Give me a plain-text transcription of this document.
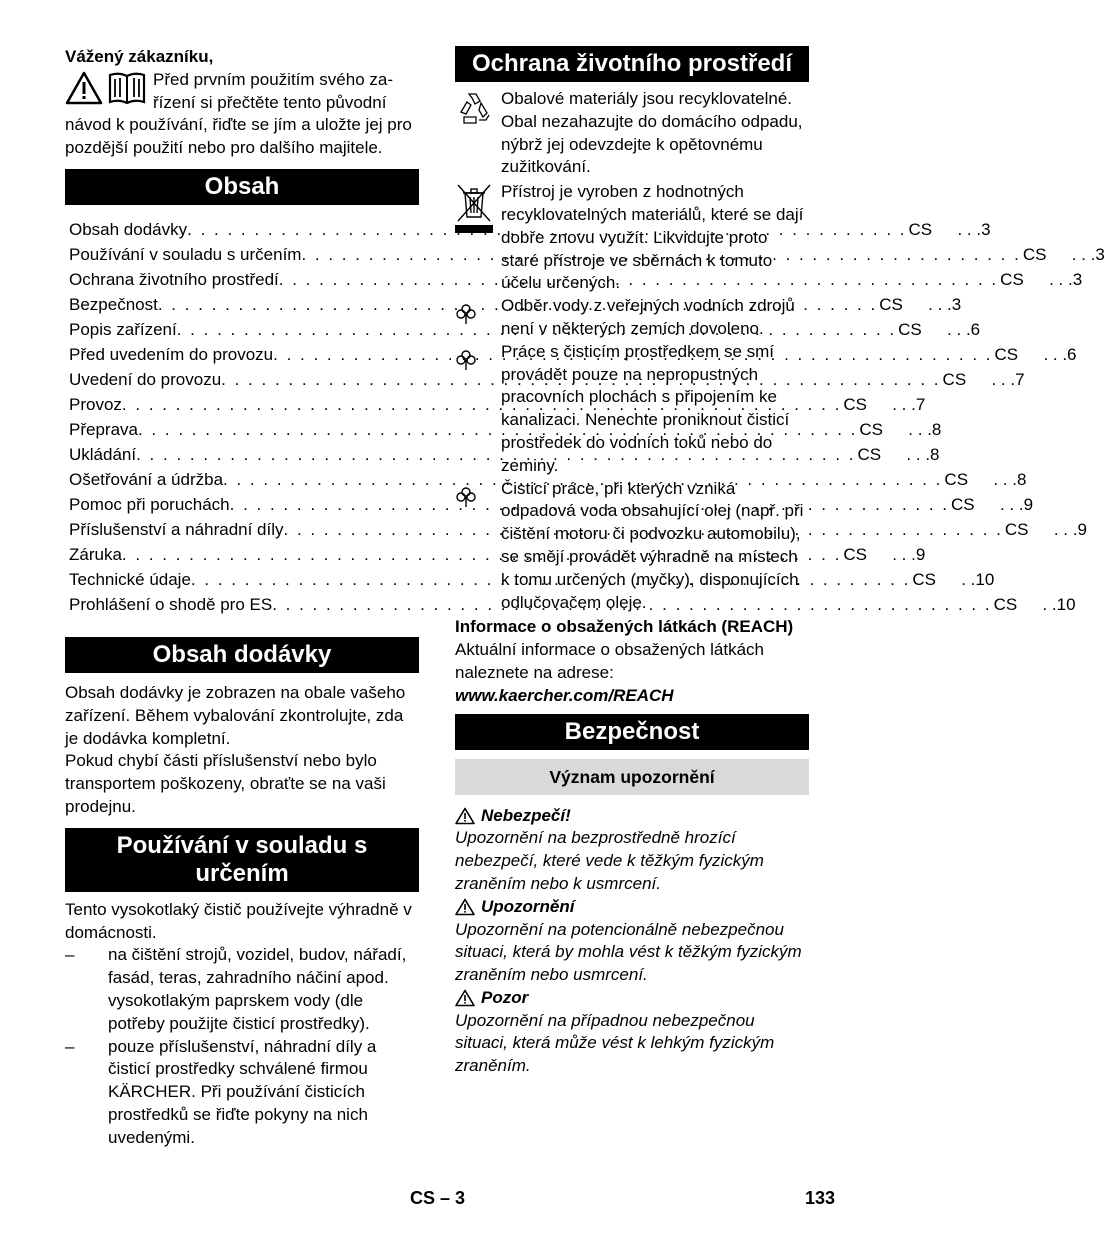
Vážený zákazníku,

Před prvním použitím svého za-

řízení si přečtěte tento původní

návod k používání, řiďte se jím a uložte jej pro pozdější použití nebo pro dalšího majitele.

Obsah
Obsah dodávky . . .	CS	. . .3
Používání v souladu s určením . . .	CS	. . .3
Ochrana životního prostředí . . .	CS	. . .3
Bezpečnost . . .	CS	. . .3
Popis zařízení . . .	CS	. . .6
Před uvedením do provozu . . .	CS	. . .6
Uvedení do provozu . . .	CS	. . .7
Provoz . . .	CS	. . .7
Přeprava . . .	CS	. . .8
Ukládání . . .	CS	. . .8
Ošetřování a údržba . . .	CS	. . .8
Pomoc při poruchách . . .	CS	. . .9
Příslušenství a náhradní díly . . .	CS	. . .9
Záruka . . .	CS	. . .9
Technické údaje . . .	CS	. .10
Prohlášení o shodě pro ES . . .	CS	. .10
Obsah dodávky

Obsah dodávky je zobrazen na obale vašeho zařízení. Během vybalování zkontrolujte, zda je dodávka kompletní.

Pokud chybí části příslušenství nebo bylo transportem poškozeny, obraťte se na vaši prodejnu.

Používání v souladu s určením

Tento vysokotlaký čistič používejte výhradně v domácnosti.

–	na čištění strojů, vozidel, budov, nářadí, fasád, teras, zahradního náčiní apod. vysokotlakým paprskem vody (dle potřeby použijte čisticí prostředky).
–	pouze příslušenství, náhradní díly a čisticí prostředky schválené firmou KÄRCHER. Při používání čisticích prostředků se řiďte pokyny na nich uvedenými.
Ochrana životního prostředí
Obalové materiály jsou recyklovatelné. Obal nezahazujte do domácího odpadu, nýbrž jej odevzdejte k opětovnému zužitkování.
Přístroj je vyroben z hodnotných recyklovatelných materiálů, které se dají dobře znovu využít. Likvidujte proto staré přístroje ve sběrnách k tomuto účelu určených.
Odběr vody z veřejných vodních zdrojů není v některých zemích dovoleno.
Práce s čisticím prostředkem se smí provádět pouze na nepropustných pracovních plochách s připojením ke kanalizaci. Nenechte proniknout čisticí prostředek do vodních toků nebo do zeminy.
Čisticí práce, při kterých vzniká odpadová voda obsahující olej (např. při čištění motoru či podvozku automobilu), se smějí provádět výhradně na místech k tomu určených (myčky), disponujících odlučovačem oleje.

Informace o obsažených látkách (REACH)

Aktuální informace o obsažených látkách naleznete na adrese:

www.kaercher.com/REACH

Bezpečnost
Význam upozornění
Nebezpečí!

Upozornění na bezprostředně hrozící nebezpečí, které vede k těžkým fyzickým zraněním nebo k usmrcení.

Upozornění

Upozornění na potencionálně nebezpečnou situaci, která by mohla vést k těžkým fyzickým zraněním nebo usmrcení.

Pozor

Upozornění na případnou nebezpečnou situaci, která může vést k lehkým fyzickým zraněním.

CS – 3	133
